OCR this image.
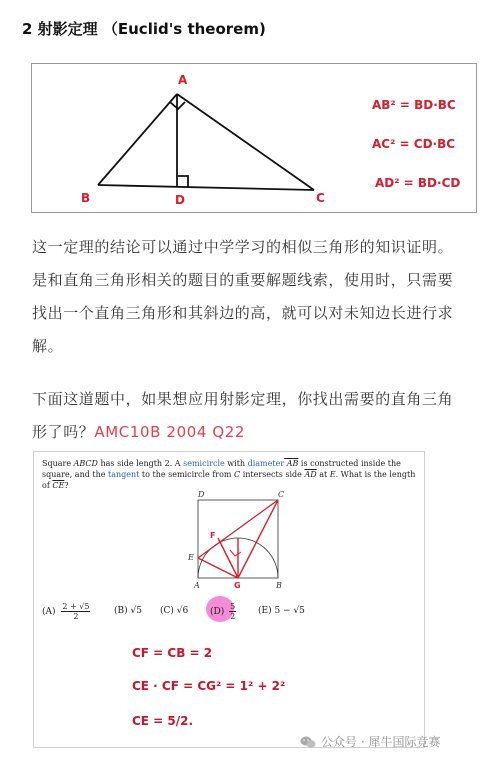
2 射影定理 （Euclid's theorem)
A
B	C
D
AB² = BD·BC
AC² = CD·BC
AD² = BD·CD
这一定理的结论可以通过中学学习的相似三角形的知识证明。是和直角三角形相关的题目的重要解题线索，使用时，只需要找出一个直角三角形和其斜边的高，就可以对未知边长进行求解。
下面这道题中，如果想应用射影定理，你找出需要的直角三角形了吗？AMC10B 2004 Q22
Square ABCD has side length 2. A semicircle with diameter AB is constructed inside the square, and the tangent to the semicircle from C intersects side $\overline{AD}$ at E. What is the length of $\overline{CE}$?
D	C
E
A	B
F
G
$(A) \frac{2 + √5}{2}$	(B) √5 (C) √6 $(D) \frac{5}{2} (E) 5 - √5$
CF = CB = 2
CE · CF = CG² = 1² + 2²
CE = 5/2.
公众号 · 犀牛国际竞赛
